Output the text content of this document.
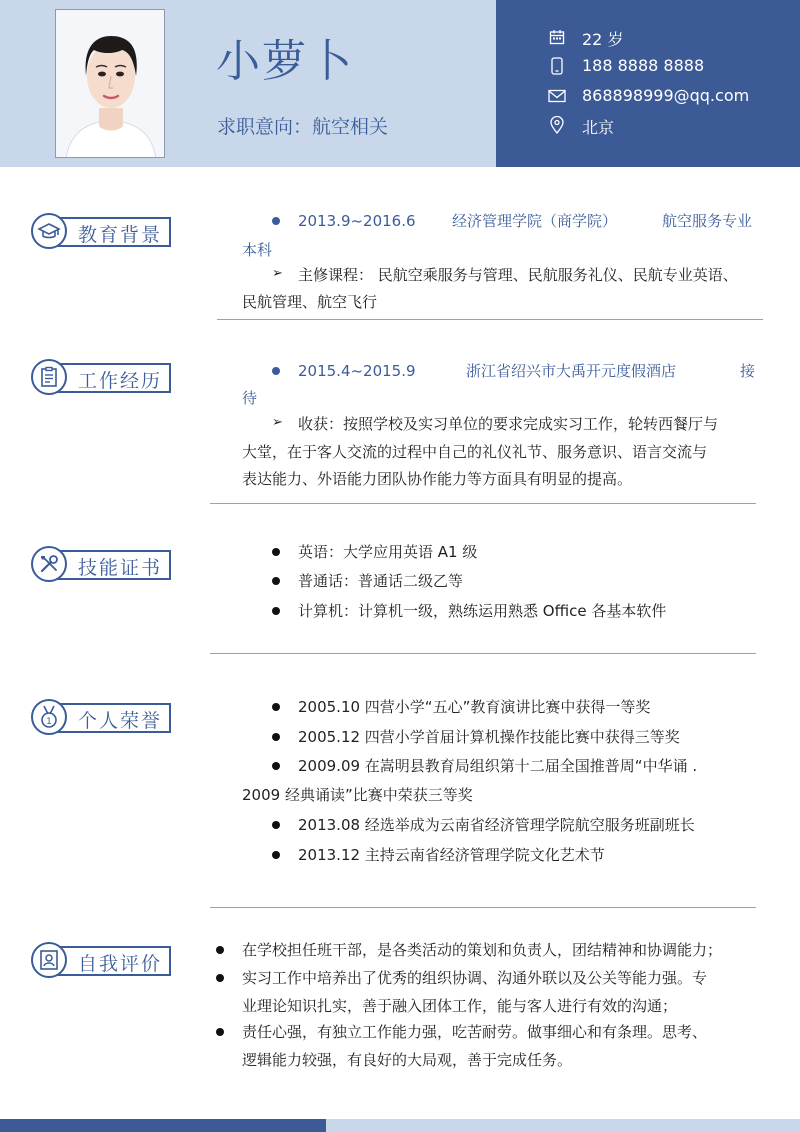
小萝卜
求职意向：航空相关
22 岁
188 8888 8888
868898999@qq.com
北京
教育背景
2013.9~2016.6 经济管理学院（商学院）	航空服务专业
本科
➢ 主修课程： 民航空乘服务与管理、民航服务礼仪、民航专业英语、
民航管理、航空飞行
工作经历	2015.4~2015.9	浙江省绍兴市大禹开元度假酒店	接
待
➢ 收获：按照学校及实习单位的要求完成实习工作，轮转西餐厅与
大堂，在于客人交流的过程中自己的礼仪礼节、服务意识、语言交流与
表达能力、外语能力团队协作能力等方面具有明显的提高。
技能证书
英语：大学应用英语 A1 级
普通话：普通话二级乙等
计算机：计算机一级，熟练运用熟悉 Office 各基本软件
1 个人荣誉
2005.10 四营小学“五心”教育演讲比赛中获得一等奖
2005.12 四营小学首届计算机操作技能比赛中获得三等奖
2009.09 在嵩明县教育局组织第十二届全国推普周“中华诵 .
2009 经典诵读”比赛中荣获三等奖
2013.08 经选举成为云南省经济管理学院航空服务班副班长
2013.12 主持云南省经济管理学院文化艺术节
自我评价
在学校担任班干部，是各类活动的策划和负责人，团结精神和协调能力；
实习工作中培养出了优秀的组织协调、沟通外联以及公关等能力强。专
业理论知识扎实，善于融入团体工作，能与客人进行有效的沟通；
责任心强，有独立工作能力强，吃苦耐劳。做事细心和有条理。思考、
逻辑能力较强，有良好的大局观，善于完成任务。
